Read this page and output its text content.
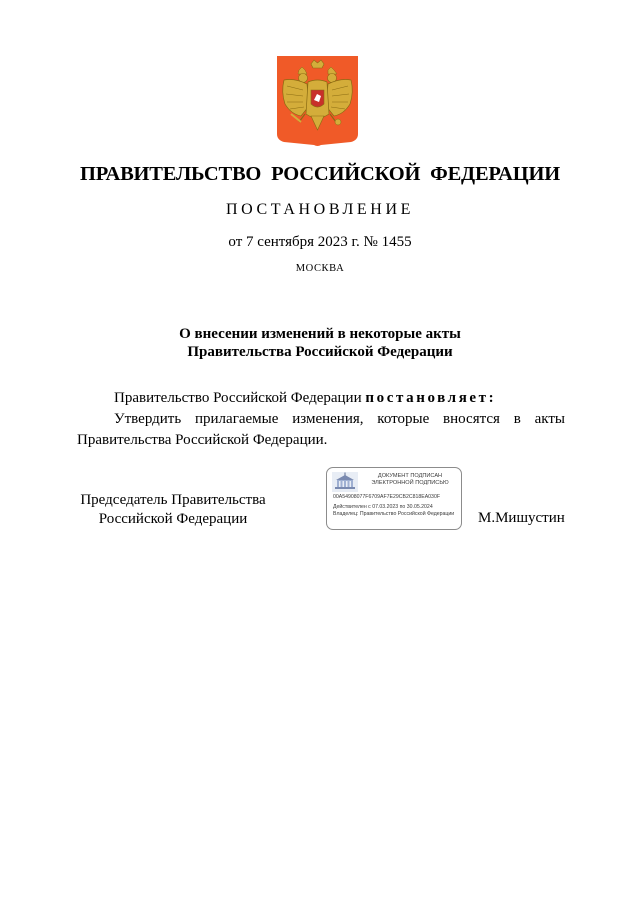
ПРАВИТЕЛЬСТВО РОССИЙСКОЙ ФЕДЕРАЦИИ
ПОСТАНОВЛЕНИЕ
от 7 сентября 2023 г. № 1455
МОСКВА
О внесении изменений в некоторые акты
Правительства Российской Федерации

Правительство Российской Федерации постановляет:

Утвердить прилагаемые изменения, которые вносятся в акты Правительства Российской Федерации.

Председатель Правительства
Российской Федерации
ДОКУМЕНТ ПОДПИСАН
ЭЛЕКТРОННОЙ ПОДПИСЬЮ
00A54908077F6709AF7E29CB2C818EA030F
Действителен с 07.03.2023 по 30.05.2024
Владелец: Правительство Российской Федерации М.Мишустин
